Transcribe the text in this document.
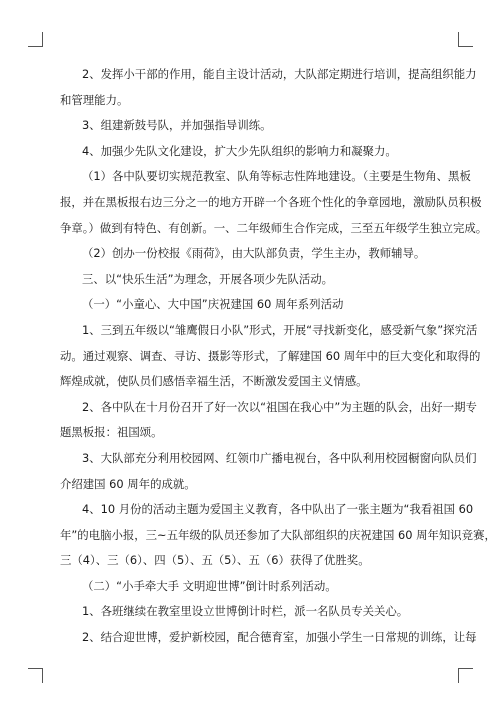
2、发挥小干部的作用，能自主设计活动，大队部定期进行培训，提高组织能力
和管理能力。
3、组建新鼓号队，并加强指导训练。
4、加强少先队文化建设，扩大少先队组织的影响力和凝聚力。
（1）各中队要切实规范教室、队角等标志性阵地建设。（主要是生物角、黑板
报，并在黑板报右边三分之一的地方开辟一个各班个性化的争章园地，激励队员积极
争章。）做到有特色、有创新。一、二年级师生合作完成，三至五年级学生独立完成。
（2）创办一份校报《雨荷》，由大队部负责，学生主办，教师辅导。
三、以“快乐生活”为理念，开展各项少先队活动。
（一）“小童心、大中国”庆祝建国 60 周年系列活动
1、三到五年级以“雏鹰假日小队”形式，开展“寻找新变化，感受新气象”探究活
动。通过观察、调查、寻访、摄影等形式，了解建国 60 周年中的巨大变化和取得的
辉煌成就，使队员们感悟幸福生活，不断激发爱国主义情感。
2、各中队在十月份召开了好一次以“祖国在我心中”为主题的队会，出好一期专
题黑板报：祖国颂。
3、大队部充分利用校园网、红领巾广播电视台，各中队利用校园橱窗向队员们
介绍建国 60 周年的成就。
4、10 月份的活动主题为爱国主义教育，各中队出了一张主题为“我看祖国 60
年”的电脑小报，三~五年级的队员还参加了大队部组织的庆祝建国 60 周年知识竞赛，
三（4）、三（6）、四（5）、五（5）、五（6）获得了优胜奖。
（二）“小手牵大手 文明迎世博”倒计时系列活动。
1、各班继续在教室里设立世博倒计时栏，派一名队员专关关心。
2、结合迎世博，爱护新校园，配合德育室，加强小学生一日常规的训练，让每
